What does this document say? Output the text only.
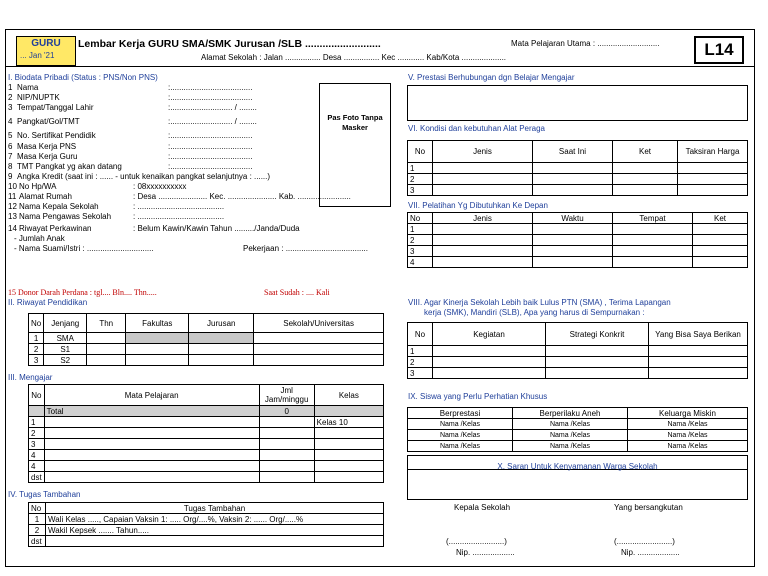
GURU
... Jan '21
Lembar Kerja GURU SMA/SMK Jurusan /SLB ..........................	Mata Pelajaran Utama : ............................
Alamat Sekolah : Jalan ................ Desa ................ Kec ............ Kab/Kota ....................	L14
I. Biodata Pribadi (Status : PNS/Non PNS)
1 Nama	:.....................................
2 NIP/NUPTK	:.....................................
3 Tempat/Tanggal Lahir	:............................ / ........
4 Pangkat/Gol/TMT	:............................ / ........
5 No. Sertifikat Pendidik	:.....................................
6 Masa Kerja PNS	:.....................................
7 Masa Kerja Guru	:.....................................
8 TMT Pangkat yg akan datang	:.....................................
9 Angka Kredit (saat ini : ...... - untuk kenaikan pangkat selanjutnya : ......)
10 No Hp/WA	: 08xxxxxxxxxx
11 Alamat Rumah	: Desa ...................... Kec. ...................... Kab. ........................
12 Nama Kepala Sekolah	: .......................................
13 Nama Pengawas Sekolah	: .......................................
14 Riwayat Perkawinan	: Belum Kawin/Kawin Tahun ........./Janda/Duda
- Jumlah Anak
- Nama Suami/Istri : ..............................	Pekerjaan : .....................................
15 Donor Darah Perdana : tgl.... Bln.... Thn.....	Saat Sudah : .... Kali
Pas Foto Tanpa Masker
II. Riwayat Pendidikan
No	Jenjang	Thn	Fakultas	Jurusan	Sekolah/Universitas
1	SMA				
2	S1				
3	S2				
III. Mengajar
No	Mata Pelajaran	Jml Jam/minggu	Kelas
	Total	0	
1			Kelas 10
2			
3			
4			
4			
dst			
IV. Tugas Tambahan
No	Tugas Tambahan
1	Wali Kelas ....., Capaian Vaksin 1: ..... Org/....%, Vaksin 2: ...... Org/.....%
2	Wakil Kepsek ....... Tahun.....
dst	
V. Prestasi Berhubungan dgn Belajar Mengajar
VI. Kondisi dan kebutuhan Alat Peraga
No	Jenis	Saat Ini	Ket	Taksiran Harga
1				
2				
3				
VII. Pelatihan Yg Dibutuhkan Ke Depan
No	Jenis	Waktu	Tempat	Ket
1				
2				
3				
4				
VIII. Agar Kinerja Sekolah Lebih baik Lulus PTN (SMA) , Terima Lapangan
kerja (SMK), Mandiri (SLB), Apa yang harus di Sempurnakan :
No	Kegiatan	Strategi Konkrit	Yang Bisa Saya Berikan
1			
2			
3			
IX. Siswa yang Perlu Perhatian Khusus
Berprestasi	Berperilaku Aneh	Keluarga Miskin
Nama /Kelas	Nama /Kelas	Nama /Kelas
Nama /Kelas	Nama /Kelas	Nama /Kelas
Nama /Kelas	Nama /Kelas	Nama /Kelas
X. Saran Untuk Kenyamanan Warga Sekolah
Kepala Sekolah	Yang bersangkutan
(.........................)	(.........................)
Nip. ...................	Nip. ...................
